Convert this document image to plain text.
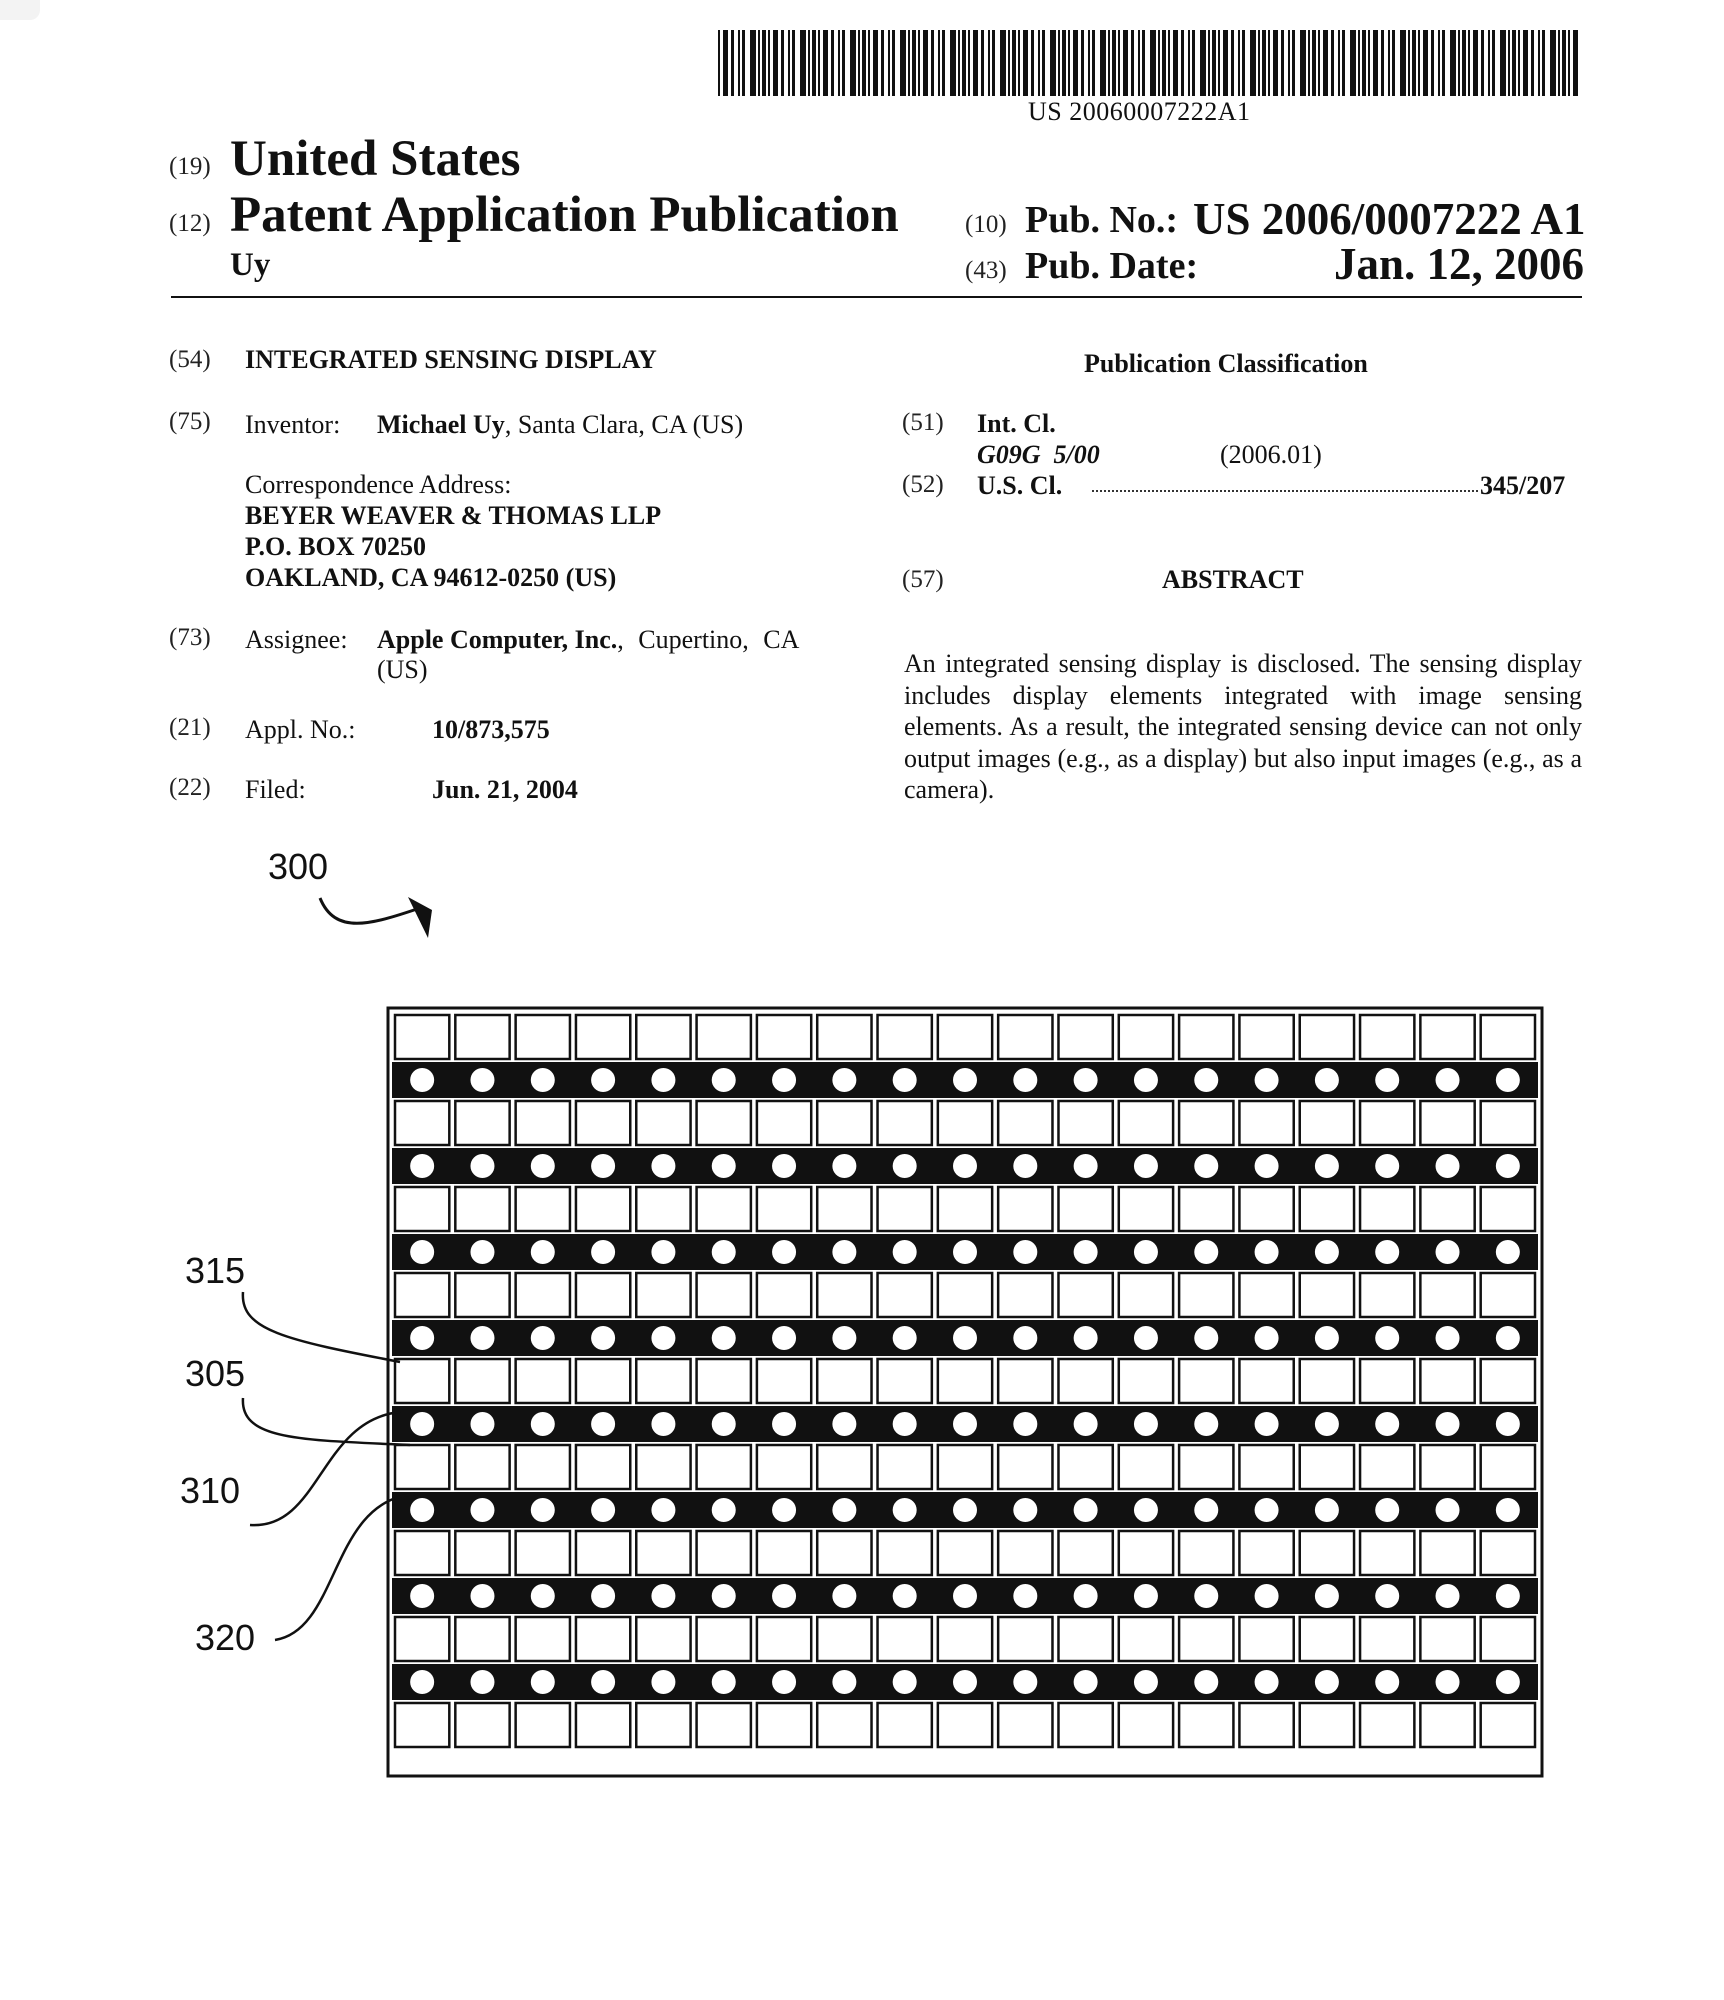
US 20060007222A1
(19) United States
(12) Patent Application Publication
Uy
(10) Pub. No.: US 2006/0007222 A1
(43) Pub. Date:	Jan. 12, 2006
(54) INTEGRATED SENSING DISPLAY
(75) Inventor: Michael Uy, Santa Clara, CA (US)
Correspondence Address:
BEYER WEAVER & THOMAS LLP
P.O. BOX 70250
OAKLAND, CA 94612-0250 (US)
(73) Assignee: Apple Computer, Inc., Cupertino, CA
(US)
(21) Appl. No.:	10/873,575
(22) Filed:	Jun. 21, 2004
Publication Classification
(51) Int. Cl.
G09G  5/00	(2006.01)
(52) U.S. Cl.	345/207
(57)	ABSTRACT
An integrated sensing display is disclosed. The sensing display includes display elements integrated with image sensing elements. As a result, the integrated sensing device can not only output images (e.g., as a display) but also input images (e.g., as a camera).
300
315
305
310
320
